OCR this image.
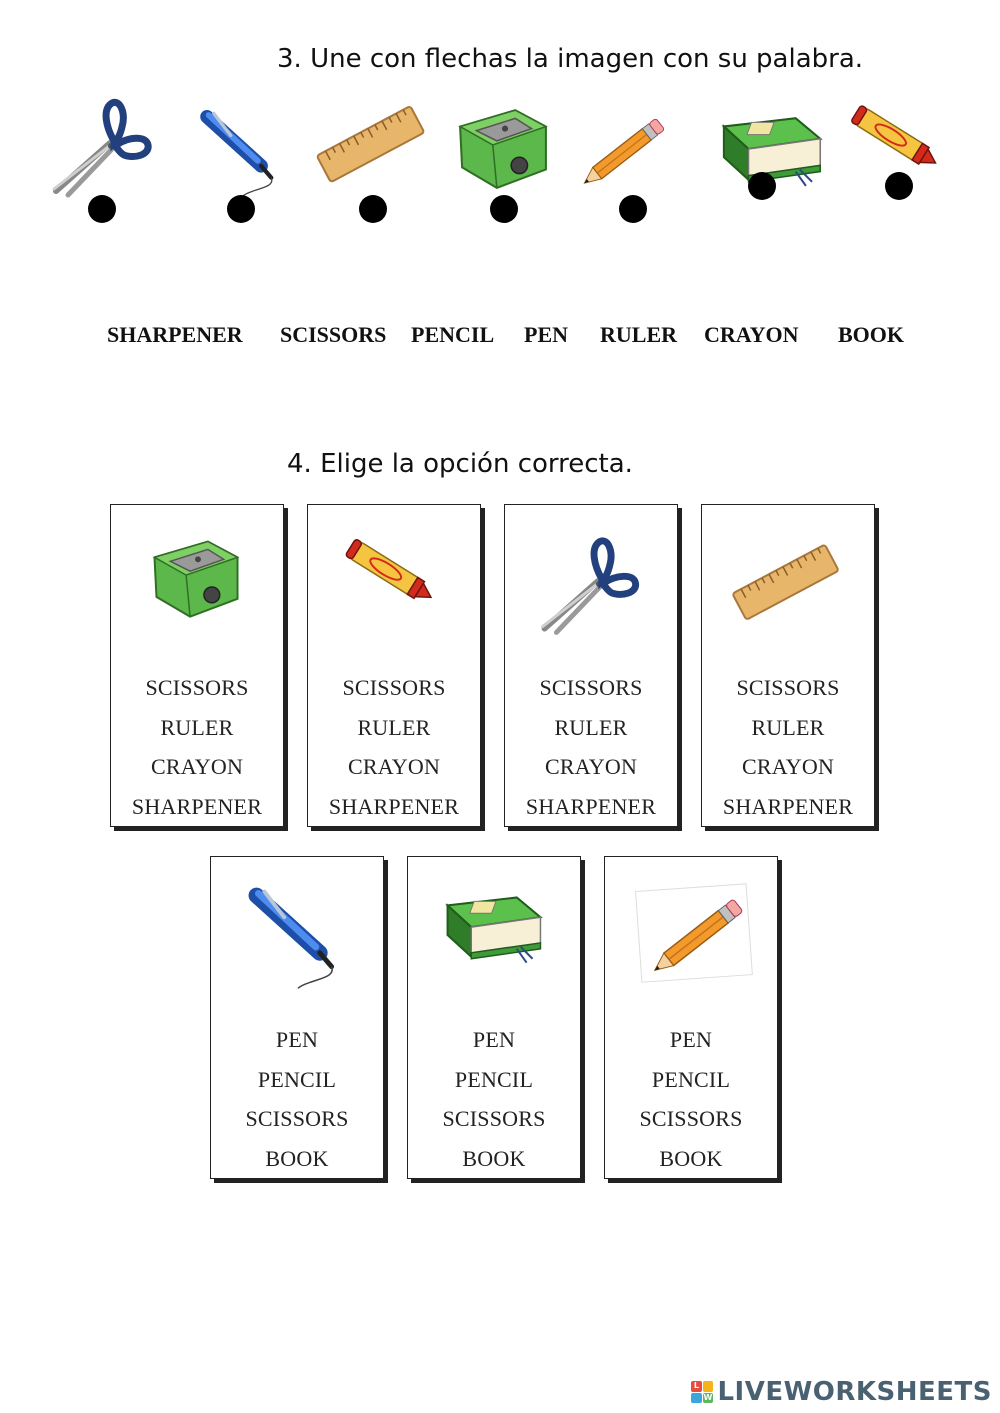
3. Une con flechas la imagen con su palabra.
SHARPENER SCISSORS PENCIL PEN RULER CRAYON BOOK
4. Elige la opción correcta.
SCISSORS
RULER
CRAYON
SHARPENER
SCISSORS
RULER
CRAYON
SHARPENER
SCISSORS
RULER
CRAYON
SHARPENER
SCISSORS
RULER
CRAYON
SHARPENER
PEN
PENCIL
SCISSORS
BOOK
PEN
PENCIL
SCISSORS
BOOK
PEN
PENCIL
SCISSORS
BOOK
L
W LIVEWORKSHEETS
